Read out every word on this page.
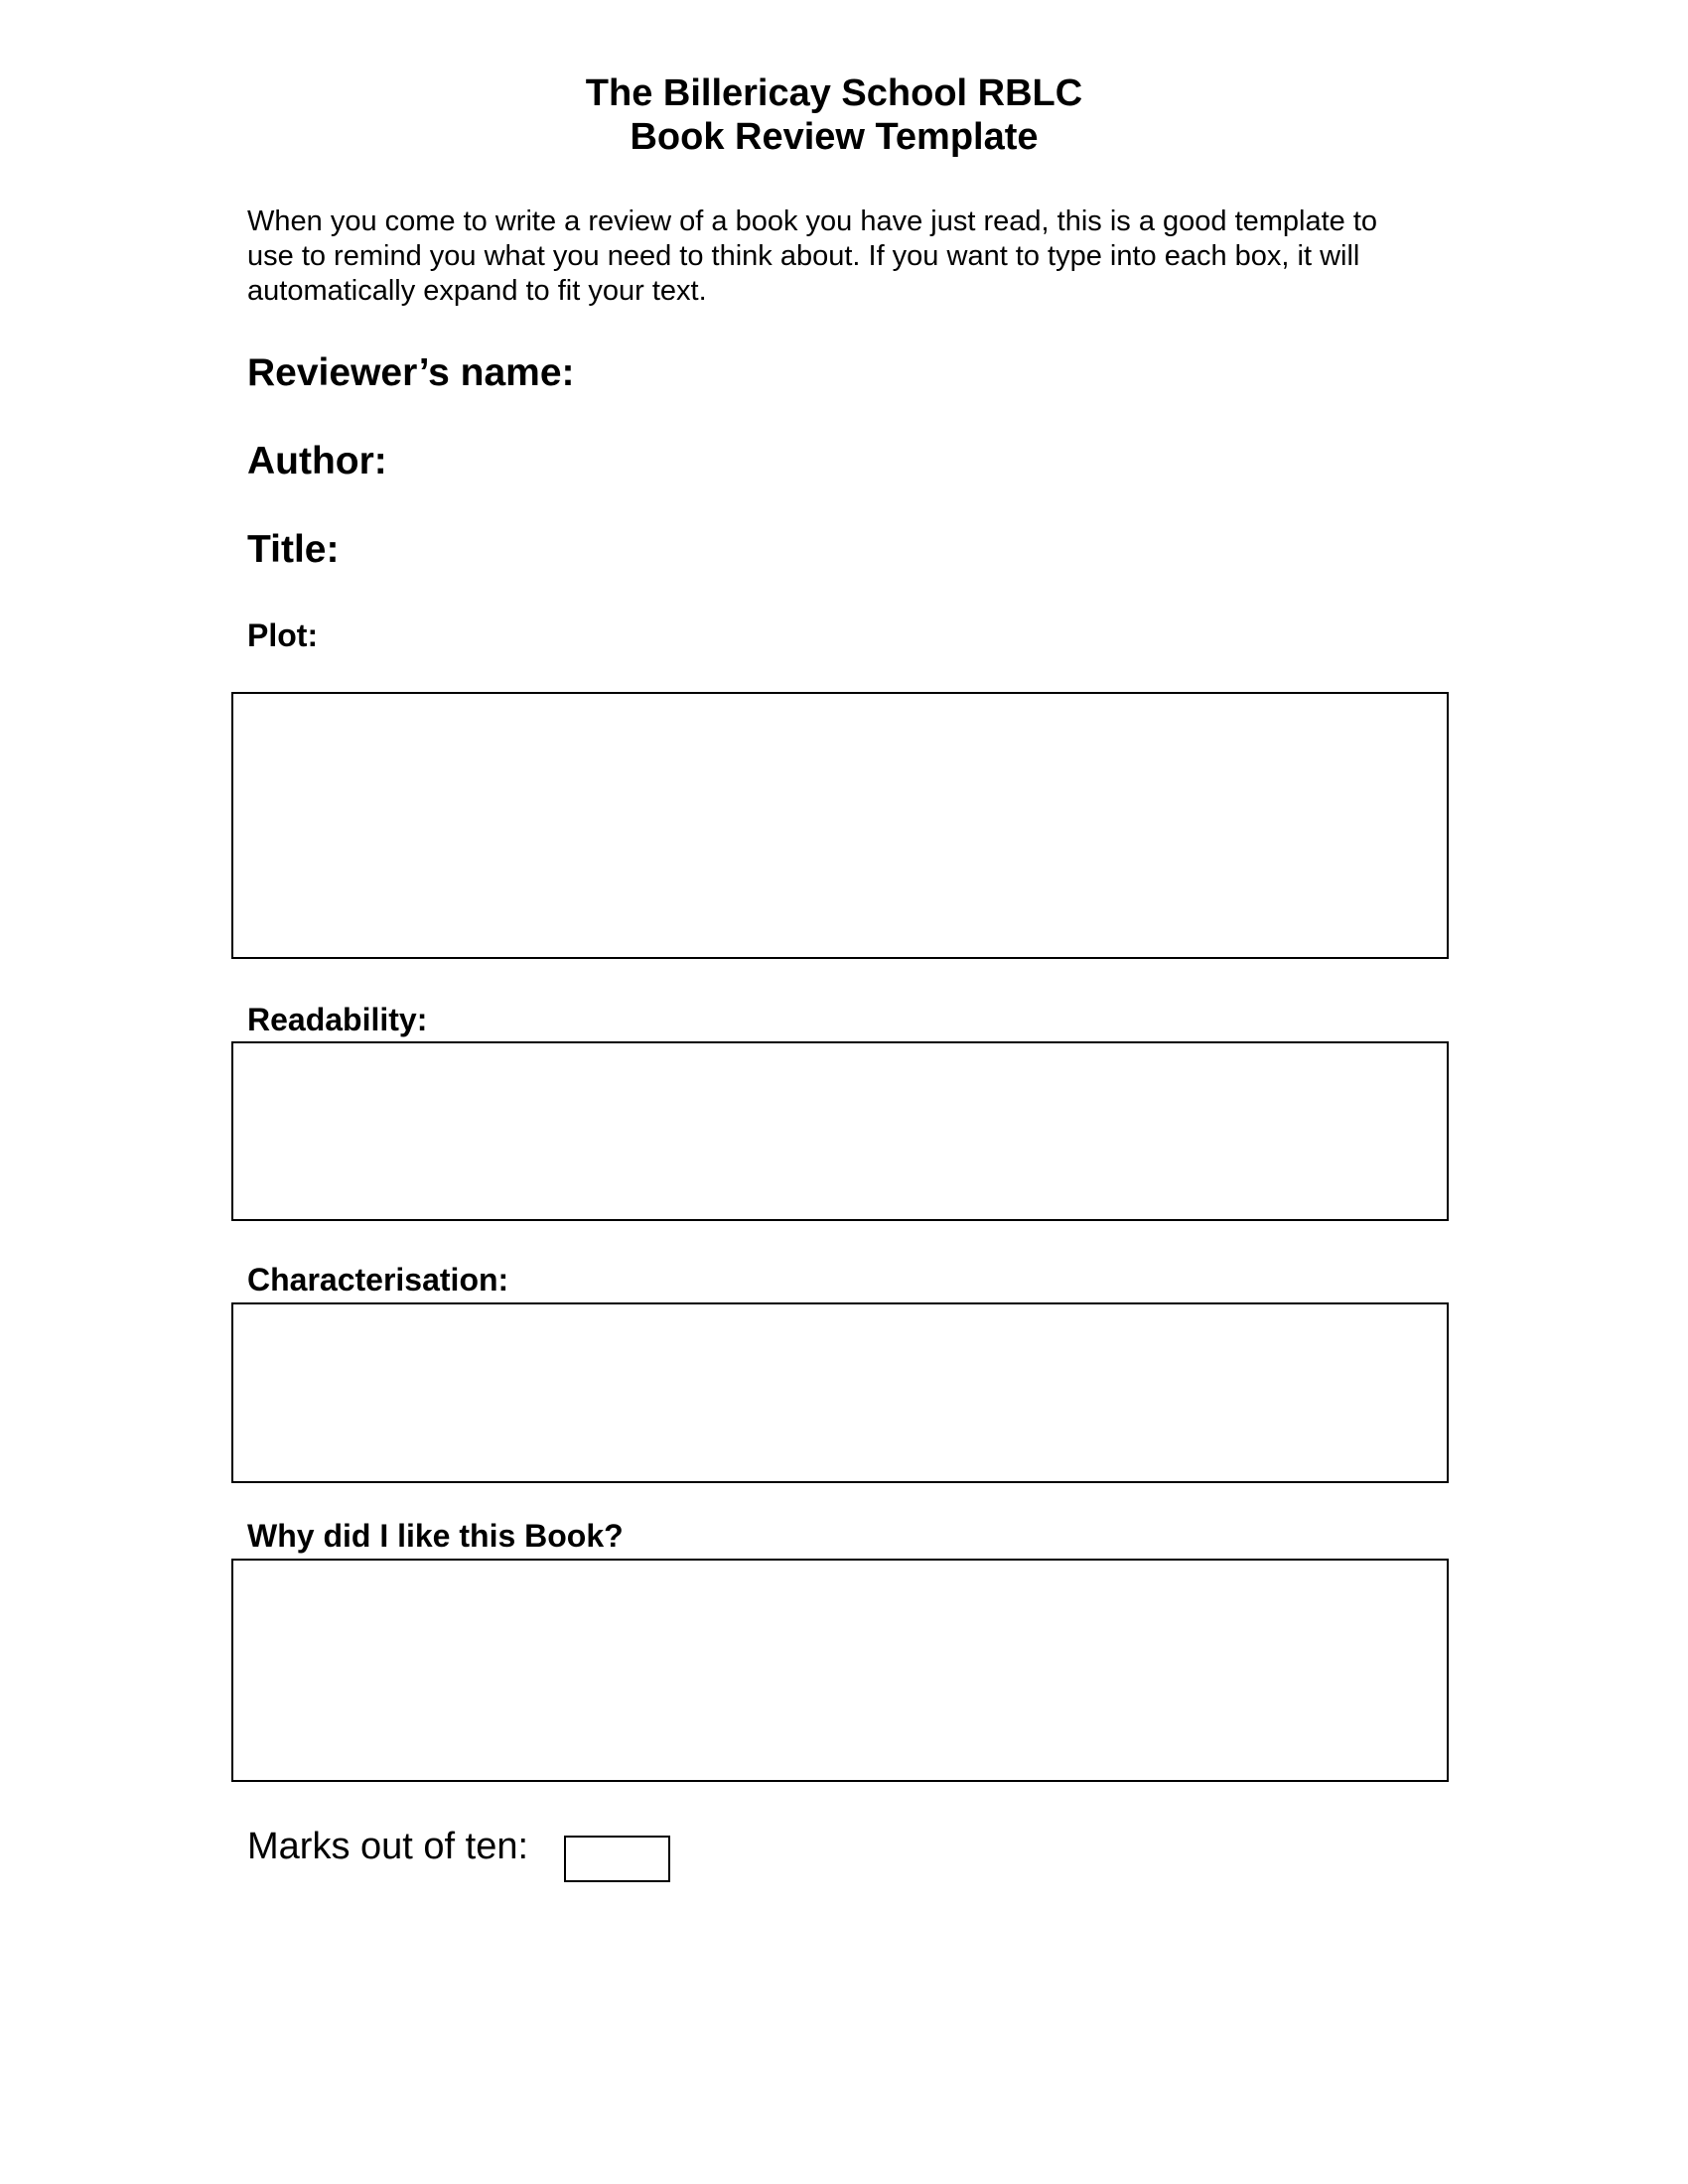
The Billericay School RBLC
Book Review Template
When you come to write a review of a book you have just read, this is a good template to
use to remind you what you need to think about. If you want to type into each box, it will
automatically expand to fit your text.
Reviewer’s name:
Author:
Title:
Plot:
Readability:
Characterisation:
Why did I like this Book?
Marks out of ten:
